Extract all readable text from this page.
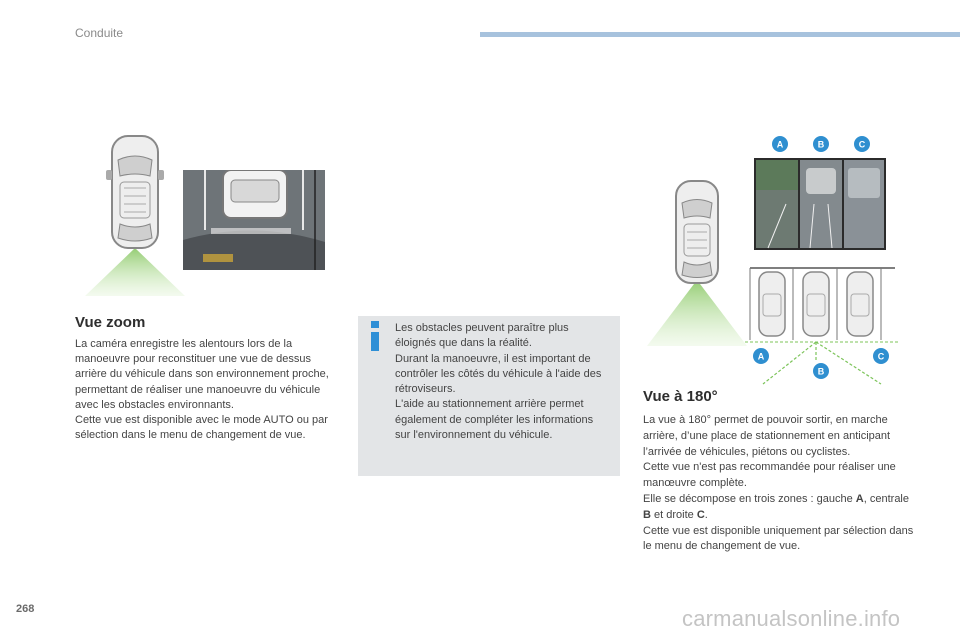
Conduite
Vue zoom

La caméra enregistre les alentours lors de la manoeuvre pour reconstituer une vue de dessus arrière du véhicule dans son environnement proche, permettant de réaliser une manoeuvre du véhicule avec les obstacles environnants.

Cette vue est disponible avec le mode AUTO ou par sélection dans le menu de changement de vue.

Les obstacles peuvent paraître plus éloignés que dans la réalité.

Durant la manoeuvre, il est important de contrôler les côtés du véhicule à l'aide des rétroviseurs.

L'aide au stationnement arrière permet également de compléter les informations sur l'environnement du véhicule.

A	B	C
A
B
C
Vue à 180°

La vue à 180° permet de pouvoir sortir, en marche arrière, d’une place de stationnement en anticipant l’arrivée de véhicules, piétons ou cyclistes.

Cette vue n'est pas recommandée pour réaliser une manœuvre complète.

Elle se décompose en trois zones : gauche A, centrale B et droite C.

Cette vue est disponible uniquement par sélection dans le menu de changement de vue.

268	carmanualsonline.info
